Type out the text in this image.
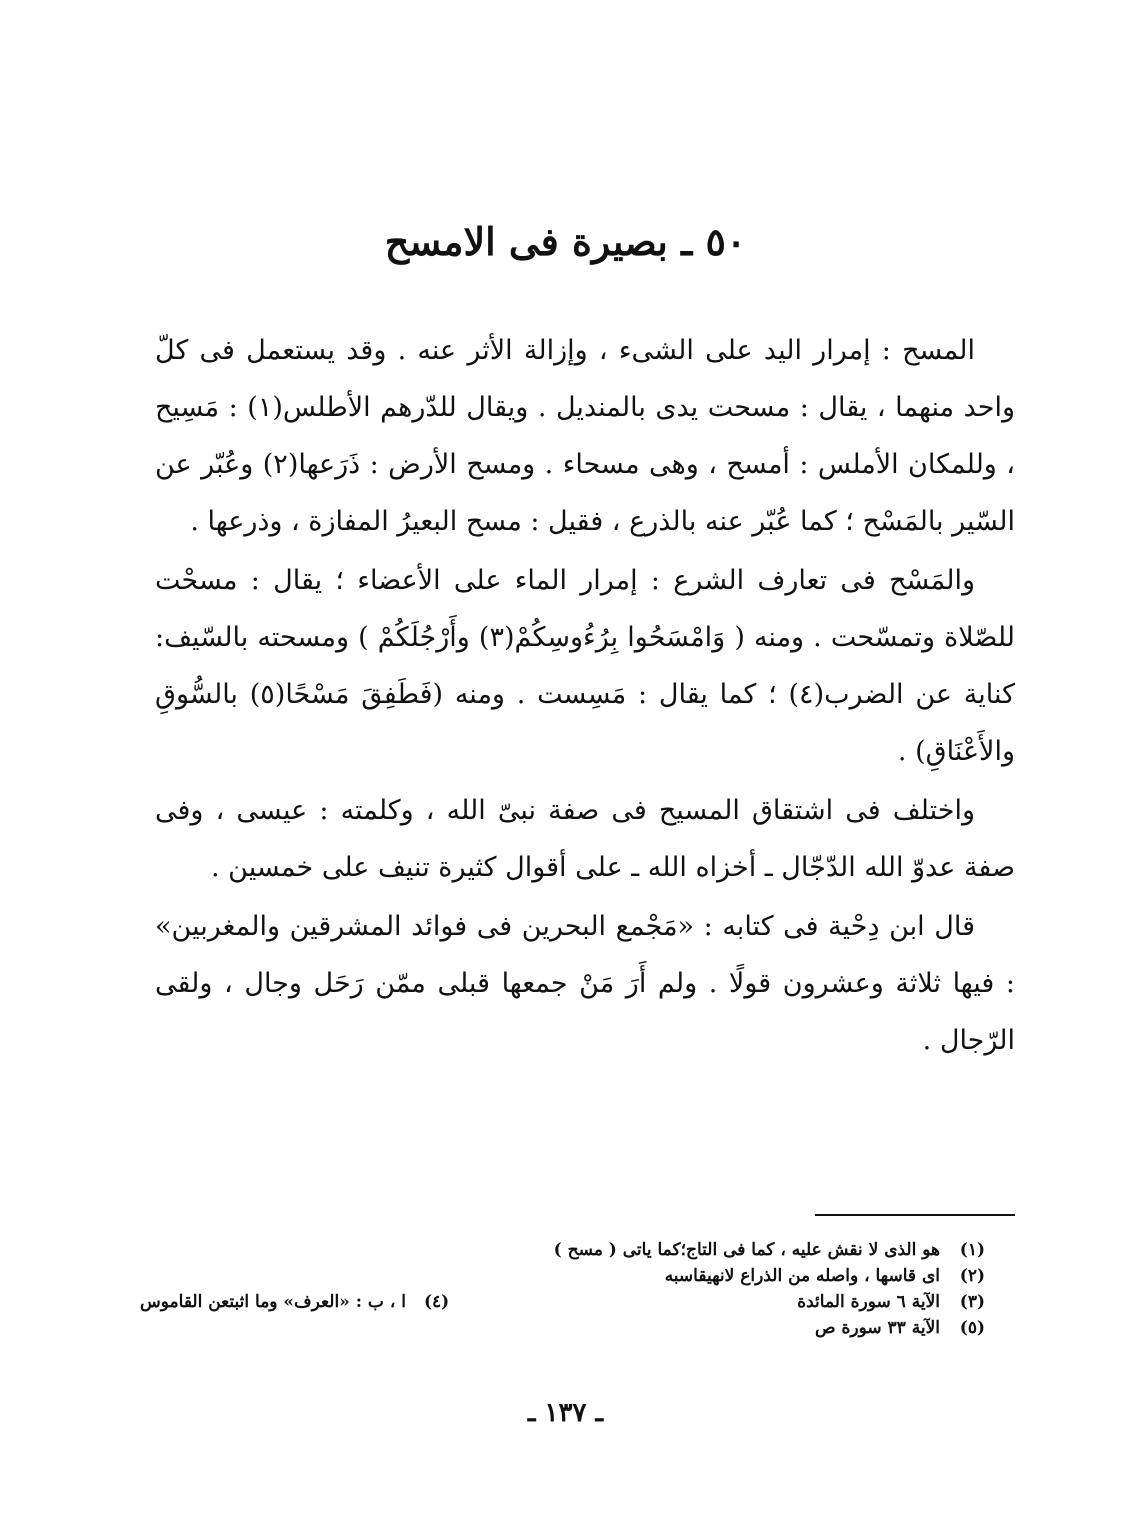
٥٠ ـ بصيرة فى الامسح

المسح : إمرار اليد على الشىء ، وإزالة الأثر عنه . وقد يستعمل فى كلّ واحد منهما ، يقال : مسحت يدى بالمنديل . ويقال للدّرهم الأطلس(١) : مَسِيح ، وللمكان الأملس : أمسح ، وهى مسحاء . ومسح الأرض : ذَرَعها(٢) وعُبّر عن السّير بالمَسْح ؛ كما عُبّر عنه بالذرع ، فقيل : مسح البعيرُ المفازة ، وذرعها .

والمَسْح فى تعارف الشرع : إمرار الماء على الأعضاء ؛ يقال : مسحْت للصّلاة وتمسّحت . ومنه ( وَامْسَحُوا بِرُءُوسِكُمْ(٣) وأَرْجُلَكُمْ ) ومسحته بالسّيف: كناية عن الضرب(٤) ؛ كما يقال : مَسِست . ومنه (فَطَفِقَ مَسْحًا(٥) بالسُّوقِ والأَعْنَاقِ) .

واختلف فى اشتقاق المسيح فى صفة نبىّ الله ، وكلمته : عيسى ، وفى صفة عدوّ الله الدّجّال ـ أخزاه الله ـ على أقوال كثيرة تنيف على خمسين .

قال ابن دِحْية فى كتابه : «مَجْمع البحرين فى فوائد المشرقين والمغربين» : فيها ثلاثة وعشرون قولًا . ولم أَرَ مَنْ جمعها قبلى ممّن رَحَل وجال ، ولقى الرّجال .

(١)
هو الذى لا نقش عليه ، كما فى التاج؛كما ياتى ( مسح )
(٢)
اى قاسها ، واصله من الذراع لانهيقاسبه
(٣)
الآية ٦ سورة المائدة
(٤)
ا ، ب : «العرف» وما اثبتعن القاموس
(٥)
الآية ٣٣ سورة ص
ـ ١٣٧ ـ
